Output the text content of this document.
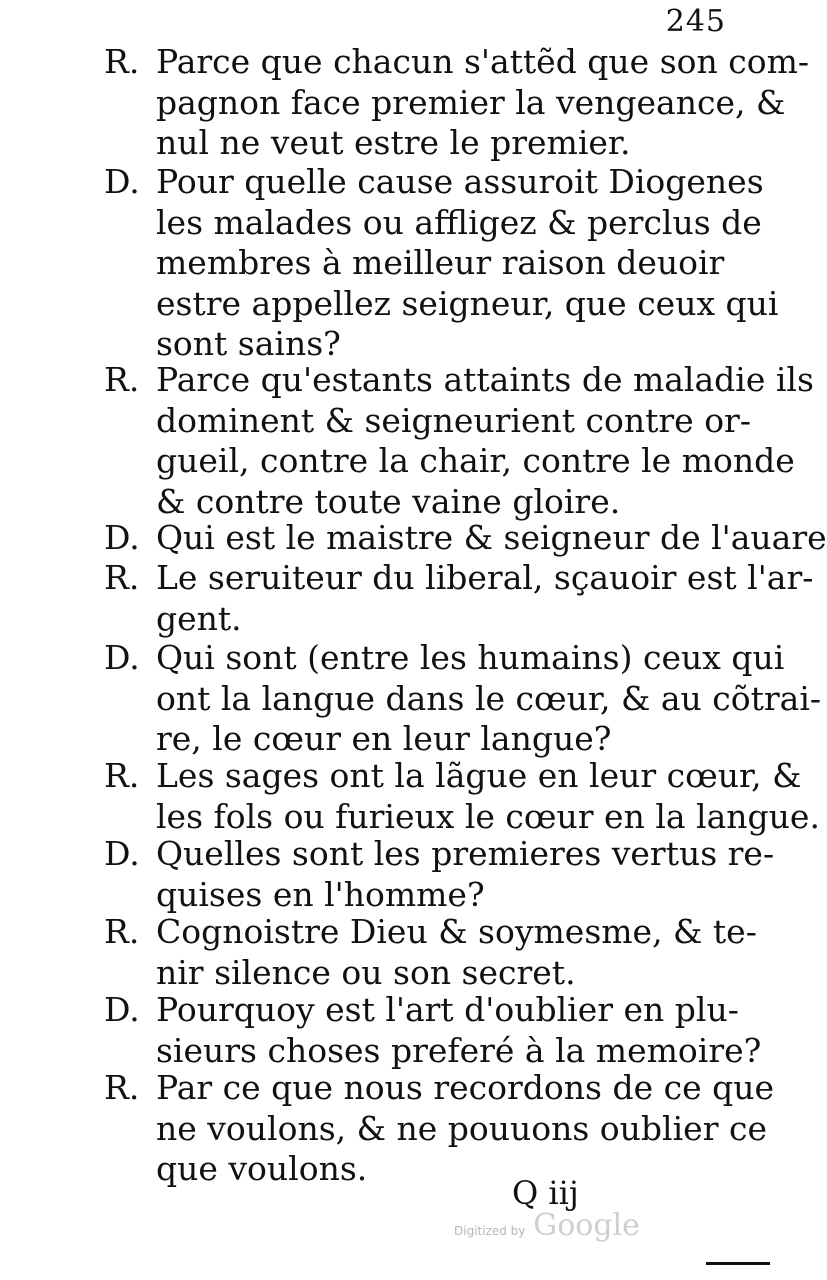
245
R. Parce que chacun s'attẽd que son com-
pagnon face premier la vengeance, &
nul ne veut estre le premier.
D. Pour quelle cause assuroit Diogenes
les malades ou affligez & perclus de
membres à meilleur raison deuoir
estre appellez seigneur, que ceux qui
sont sains?
R. Parce qu'estants attaints de maladie ils
dominent & seigneurient contre or-
gueil, contre la chair, contre le monde
& contre toute vaine gloire.
D. Qui est le maistre & seigneur de l'auare
R. Le seruiteur du liberal, sçauoir est l'ar-
gent.
D. Qui sont (entre les humains) ceux qui
ont la langue dans le cœur, & au cõtrai-
re, le cœur en leur langue?
R. Les sages ont la lãgue en leur cœur, &
les fols ou furieux le cœur en la langue.
D. Quelles sont les premieres vertus re-
quises en l'homme?
R. Cognoistre Dieu & soymesme, & te-
nir silence ou son secret.
D. Pourquoy est l'art d'oublier en plu-
sieurs choses preferé à la memoire?
R. Par ce que nous recordons de ce que
ne voulons, & ne pouuons oublier ce
que voulons.
Q iij
Digitized by Google
